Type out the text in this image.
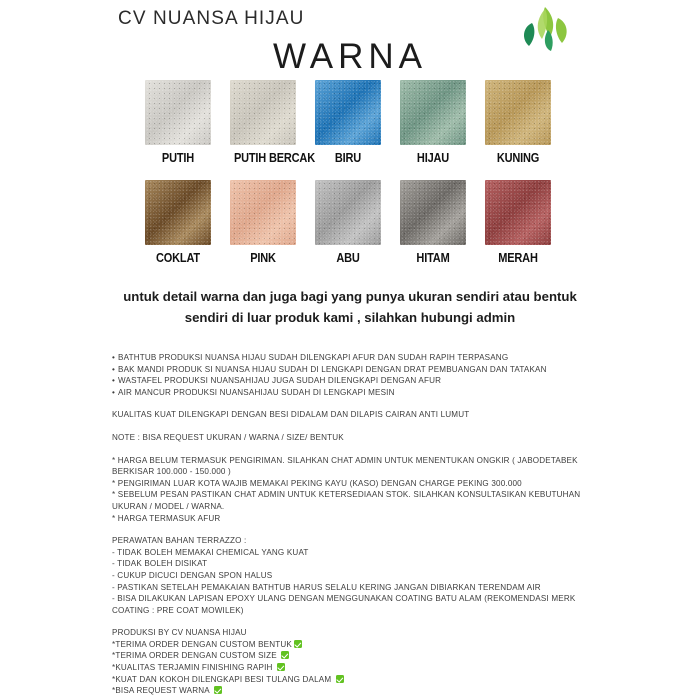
CV NUANSA HIJAU
WARNA
PUTIH	PUTIH BERCAK	BIRU	HIJAU	KUNING
COKLAT	PINK	ABU	HITAM	MERAH
untuk detail warna dan juga bagi yang punya ukuran sendiri atau bentuk
sendiri di luar produk kami , silahkan hubungi admin

• BATHTUB PRODUKSI NUANSA HIJAU SUDAH DILENGKAPI AFUR DAN SUDAH RAPIH TERPASANG

• BAK MANDI PRODUK SI NUANSA HIJAU SUDAH DI LENGKAPI DENGAN DRAT PEMBUANGAN DAN TATAKAN

• WASTAFEL PRODUKSI NUANSAHIJAU JUGA SUDAH DILENGKAPI DENGAN AFUR

• AIR MANCUR PRODUKSI NUANSAHIJAU SUDAH DI LENGKAPI MESIN

KUALITAS KUAT DILENGKAPI DENGAN BESI DIDALAM DAN DILAPIS CAIRAN ANTI LUMUT

NOTE : BISA REQUEST UKURAN / WARNA / SIZE/ BENTUK

* HARGA BELUM TERMASUK PENGIRIMAN. SILAHKAN CHAT ADMIN UNTUK MENENTUKAN ONGKIR ( JABODETABEK

BERKISAR 100.000 - 150.000 )

* PENGIRIMAN LUAR KOTA WAJIB MEMAKAI PEKING KAYU (KASO) DENGAN CHARGE PEKING 300.000

* SEBELUM PESAN PASTIKAN CHAT ADMIN UNTUK KETERSEDIAAN STOK. SILAHKAN KONSULTASIKAN KEBUTUHAN

UKURAN / MODEL / WARNA.

* HARGA TERMASUK AFUR

PERAWATAN BAHAN TERRAZZO :

- TIDAK BOLEH MEMAKAI CHEMICAL YANG KUAT

- TIDAK BOLEH DISIKAT

- CUKUP DICUCI DENGAN SPON HALUS

- PASTIKAN SETELAH PEMAKAIAN BATHTUB HARUS SELALU KERING JANGAN DIBIARKAN TERENDAM AIR

- BISA DILAKUKAN LAPISAN EPOXY ULANG DENGAN MENGGUNAKAN COATING BATU ALAM (REKOMENDASI MERK

COATING : PRE COAT MOWILEK)

PRODUKSI BY CV NUANSA HIJAU

*TERIMA ORDER DENGAN CUSTOM BENTUK

*TERIMA ORDER DENGAN CUSTOM SIZE

*KUALITAS TERJAMIN FINISHING RAPIH

*KUAT DAN KOKOH DILENGKAPI BESI TULANG DALAM

*BISA REQUEST WARNA
